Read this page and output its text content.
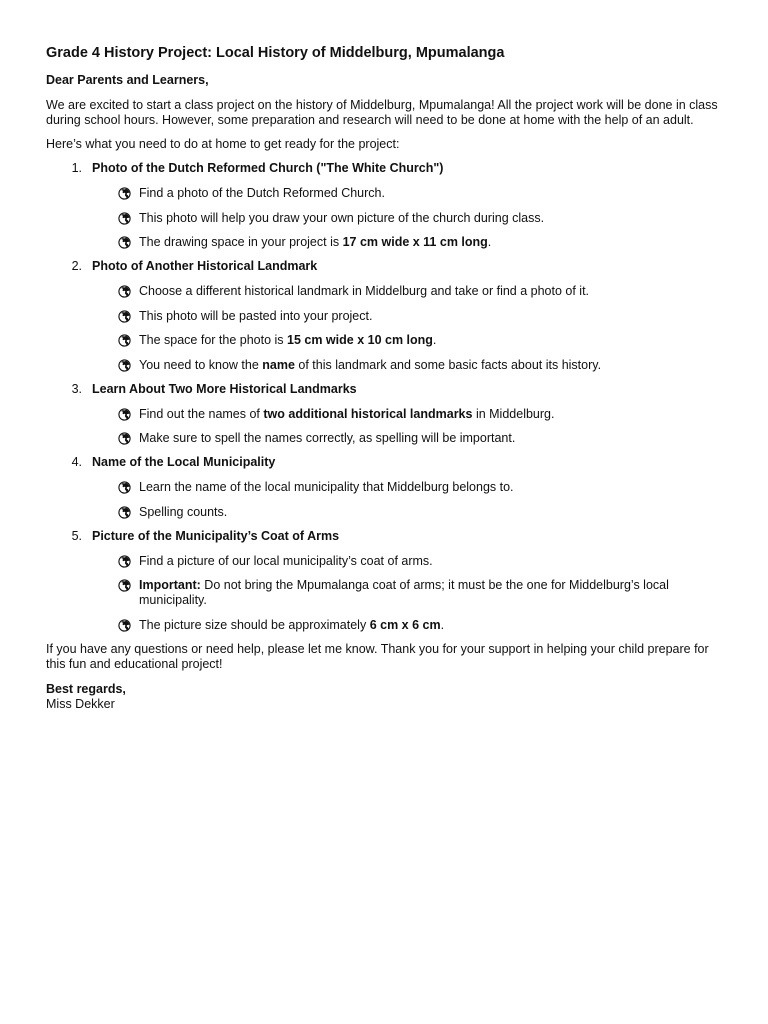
Grade 4 History Project: Local History of Middelburg, Mpumalanga

Dear Parents and Learners,

We are excited to start a class project on the history of Middelburg, Mpumalanga! All the project work will be done in class during school hours. However, some preparation and research will need to be done at home with the help of an adult.

Here’s what you need to do at home to get ready for the project:

1. Photo of the Dutch Reformed Church ("The White Church")
Find a photo of the Dutch Reformed Church.
This photo will help you draw your own picture of the church during class.
The drawing space in your project is 17 cm wide x 11 cm long.
2. Photo of Another Historical Landmark
Choose a different historical landmark in Middelburg and take or find a photo of it.
This photo will be pasted into your project.
The space for the photo is 15 cm wide x 10 cm long.
You need to know the name of this landmark and some basic facts about its history.
3. Learn About Two More Historical Landmarks
Find out the names of two additional historical landmarks in Middelburg.
Make sure to spell the names correctly, as spelling will be important.
4. Name of the Local Municipality
Learn the name of the local municipality that Middelburg belongs to.
Spelling counts.
5. Picture of the Municipality’s Coat of Arms
Find a picture of our local municipality’s coat of arms.
Important: Do not bring the Mpumalanga coat of arms; it must be the one for Middelburg’s local municipality.
The picture size should be approximately 6 cm x 6 cm.

If you have any questions or need help, please let me know. Thank you for your support in helping your child prepare for this fun and educational project!

Best regards,
Miss Dekker
